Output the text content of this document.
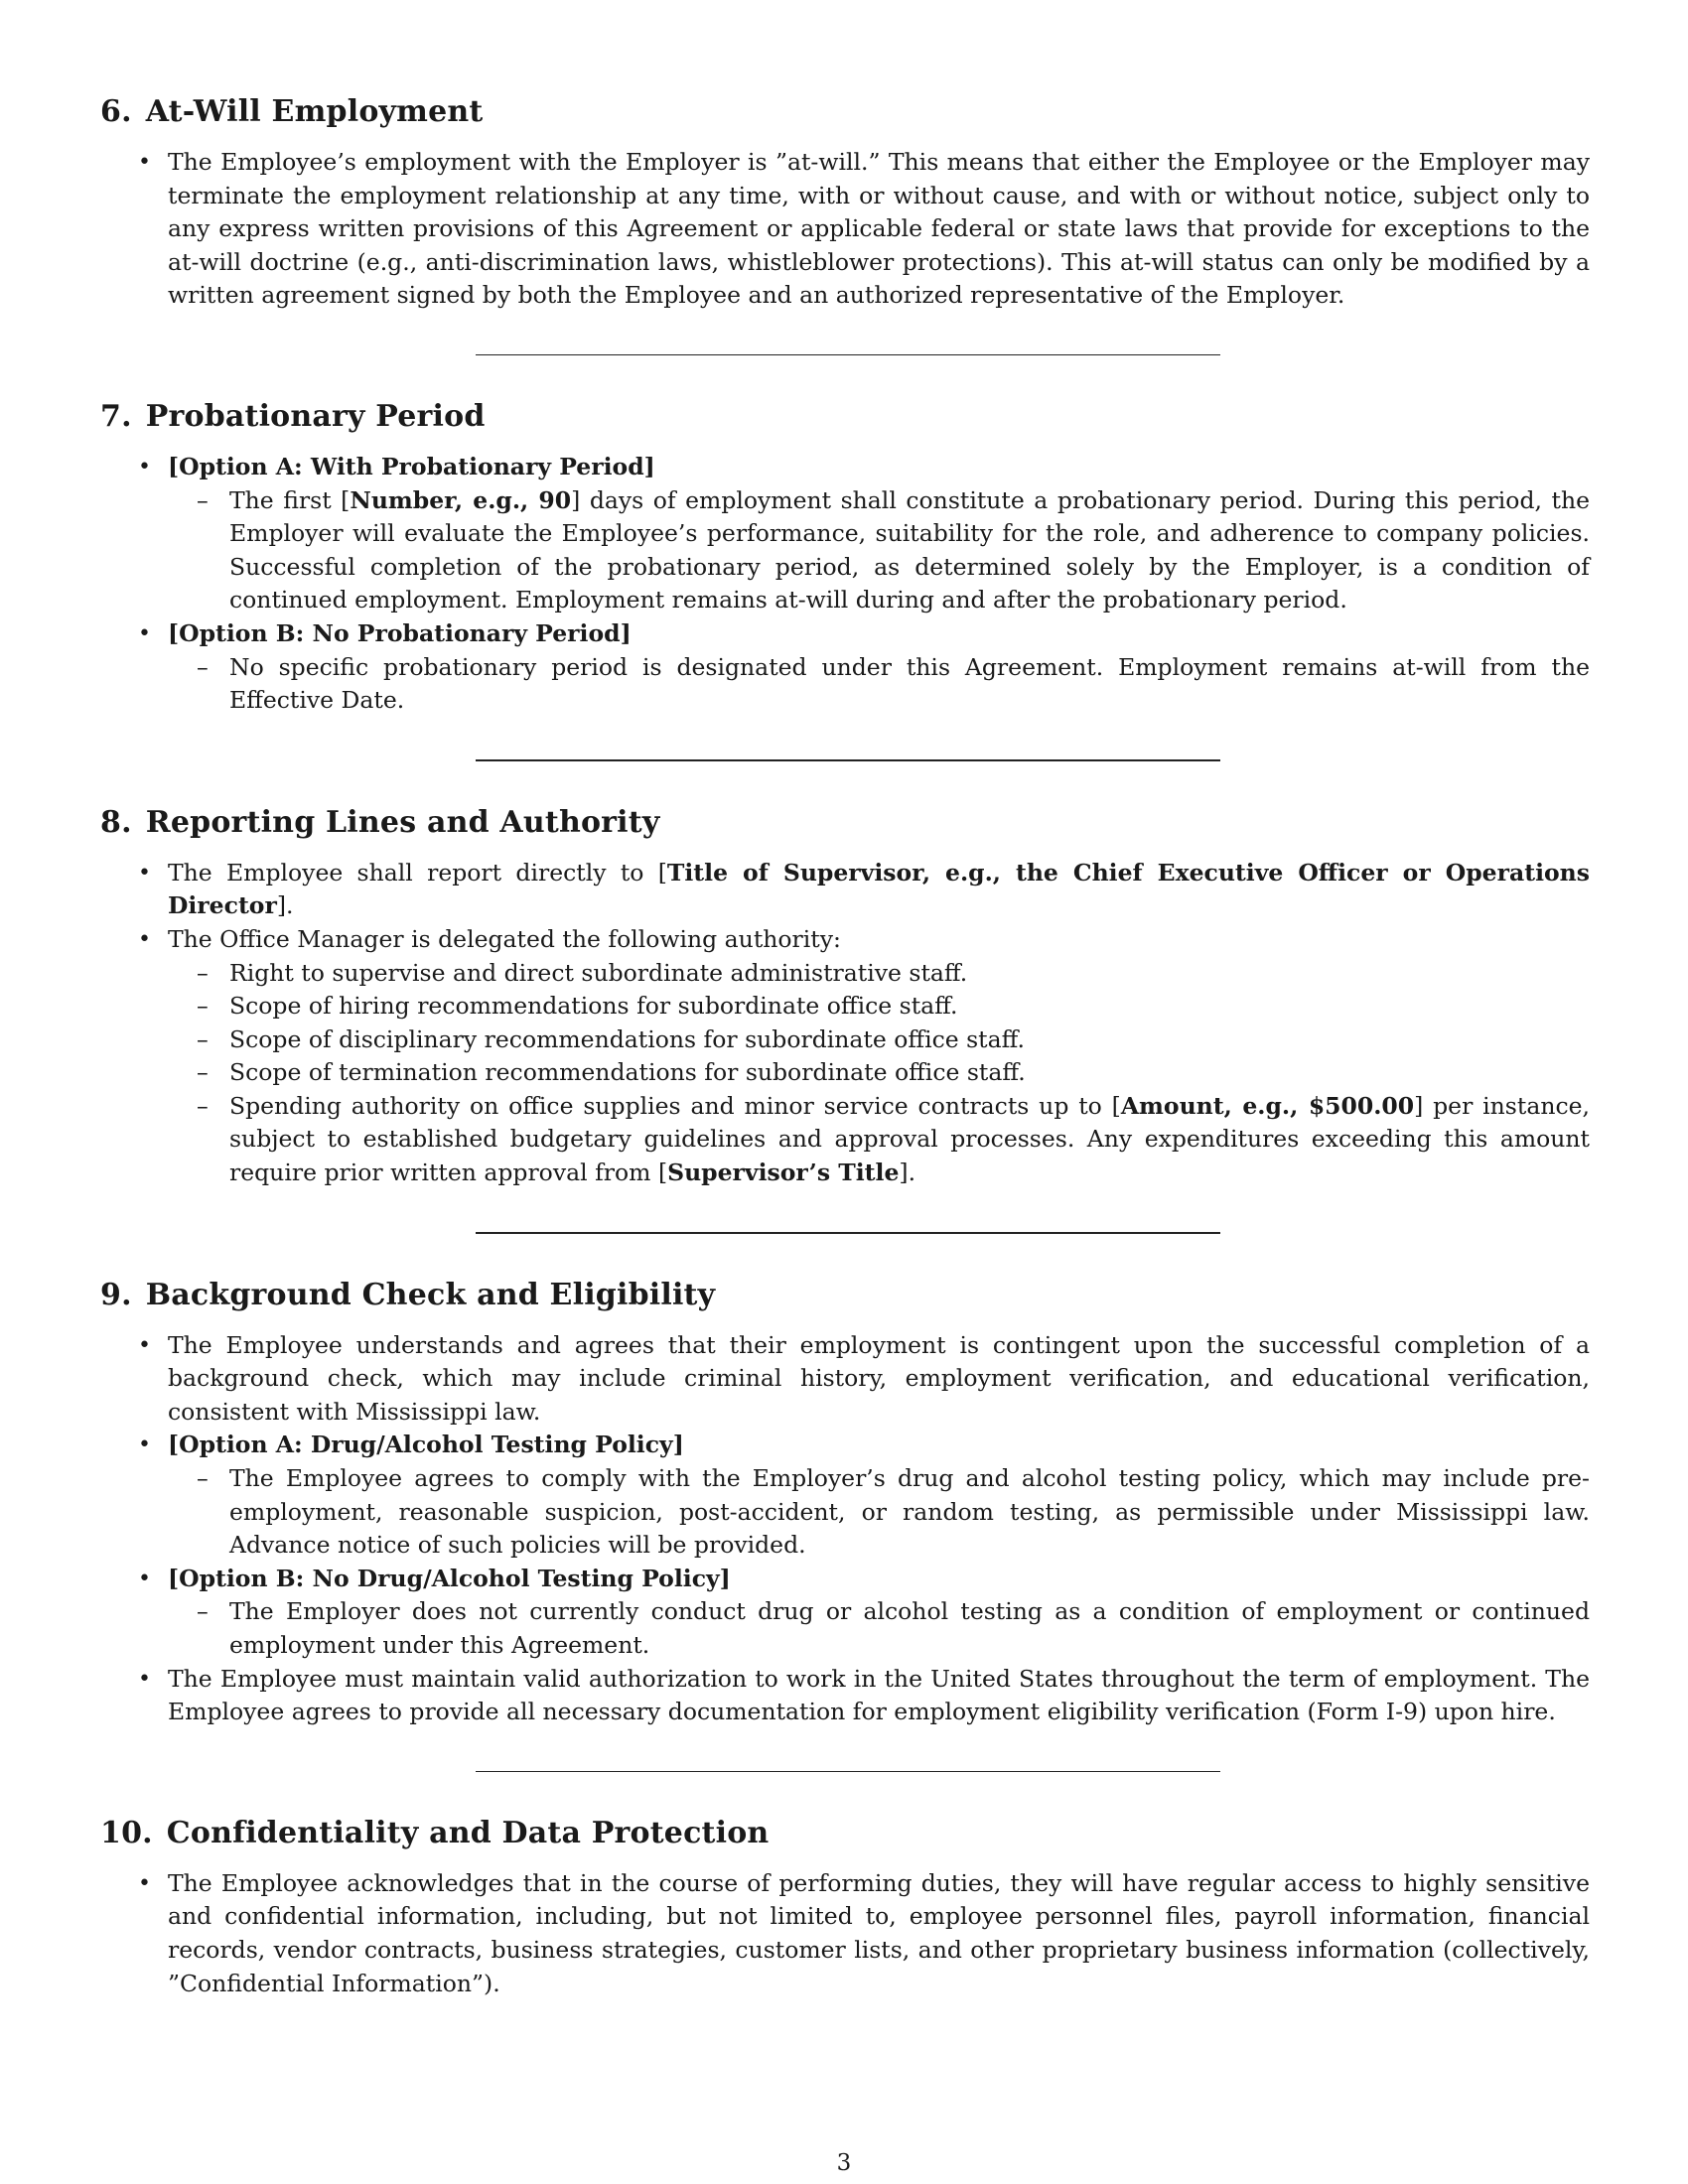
6. At-Will Employment
• The Employee’s employment with the Employer is ”at-will.” This means that either the Employee or the Employer may terminate the employment relationship at any time, with or without cause, and with or without notice, subject only to any express written provisions of this Agreement or applicable federal or state laws that provide for exceptions to the at-will doctrine (e.g., anti-discrimination laws, whistleblower protections). This at-will status can only be modified by a written agreement signed by both the Employee and an authorized representative of the Employer.
7. Probationary Period
• [Option A: With Probationary Period]
– The first [Number, e.g., 90] days of employment shall constitute a probationary period. During this period, the Employer will evaluate the Employee’s performance, suitability for the role, and adherence to company policies. Successful completion of the probationary period, as determined solely by the Employer, is a condition of continued employment. Employment remains at-will during and after the probationary period.
• [Option B: No Probationary Period]
– No specific probationary period is designated under this Agreement. Employment remains at-will from the Effective Date.
8. Reporting Lines and Authority
• The Employee shall report directly to [Title of Supervisor, e.g., the Chief Executive Officer or Operations Director].
• The Office Manager is delegated the following authority:
– Right to supervise and direct subordinate administrative staff.
– Scope of hiring recommendations for subordinate office staff.
– Scope of disciplinary recommendations for subordinate office staff.
– Scope of termination recommendations for subordinate office staff.
– Spending authority on office supplies and minor service contracts up to [Amount, e.g., $500.00] per instance, subject to established budgetary guidelines and approval processes. Any expenditures exceeding this amount require prior written approval from [Supervisor’s Title].
9. Background Check and Eligibility
• The Employee understands and agrees that their employment is contingent upon the successful completion of a background check, which may include criminal history, employment verification, and educational verification, consistent with Mississippi law.
• [Option A: Drug/Alcohol Testing Policy]
– The Employee agrees to comply with the Employer’s drug and alcohol testing policy, which may include pre-employment, reasonable suspicion, post-accident, or random testing, as permissible under Mississippi law. Advance notice of such policies will be provided.
• [Option B: No Drug/Alcohol Testing Policy]
– The Employer does not currently conduct drug or alcohol testing as a condition of employment or continued employment under this Agreement.
• The Employee must maintain valid authorization to work in the United States throughout the term of employment. The Employee agrees to provide all necessary documentation for employment eligibility verification (Form I-9) upon hire.
10. Confidentiality and Data Protection
• The Employee acknowledges that in the course of performing duties, they will have regular access to highly sensitive and confidential information, including, but not limited to, employee personnel files, payroll information, financial records, vendor contracts, business strategies, customer lists, and other proprietary business information (collectively, ”Confidential Information”).
3
